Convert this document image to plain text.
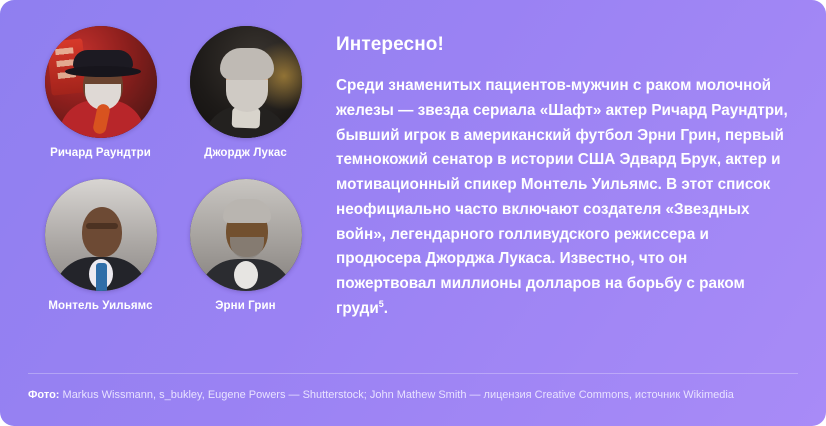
Ричард Раундтри	Джордж Лукас
Монтель Уильямс	Эрни Грин
Интересно!

Среди знаменитых пациентов-мужчин с раком молочной железы — звезда сериала «Шафт» актер Ричард Раундтри, бывший игрок в американский футбол Эрни Грин, первый темнокожий сенатор в истории США Эдвард Брук, актер и мотивационный спикер Монтель Уильямс. В этот список неофициально часто включают создателя «Звездных войн», легендарного голливудского режиссера и продюсера Джорджа Лукаса. Известно, что он пожертвовал миллионы долларов на борьбу с раком груди$^5$.

Фото: Markus Wissmann, s_bukley, Eugene Powers — Shutterstock; John Mathew Smith — лицензия Creative Commons, источник Wikimedia
